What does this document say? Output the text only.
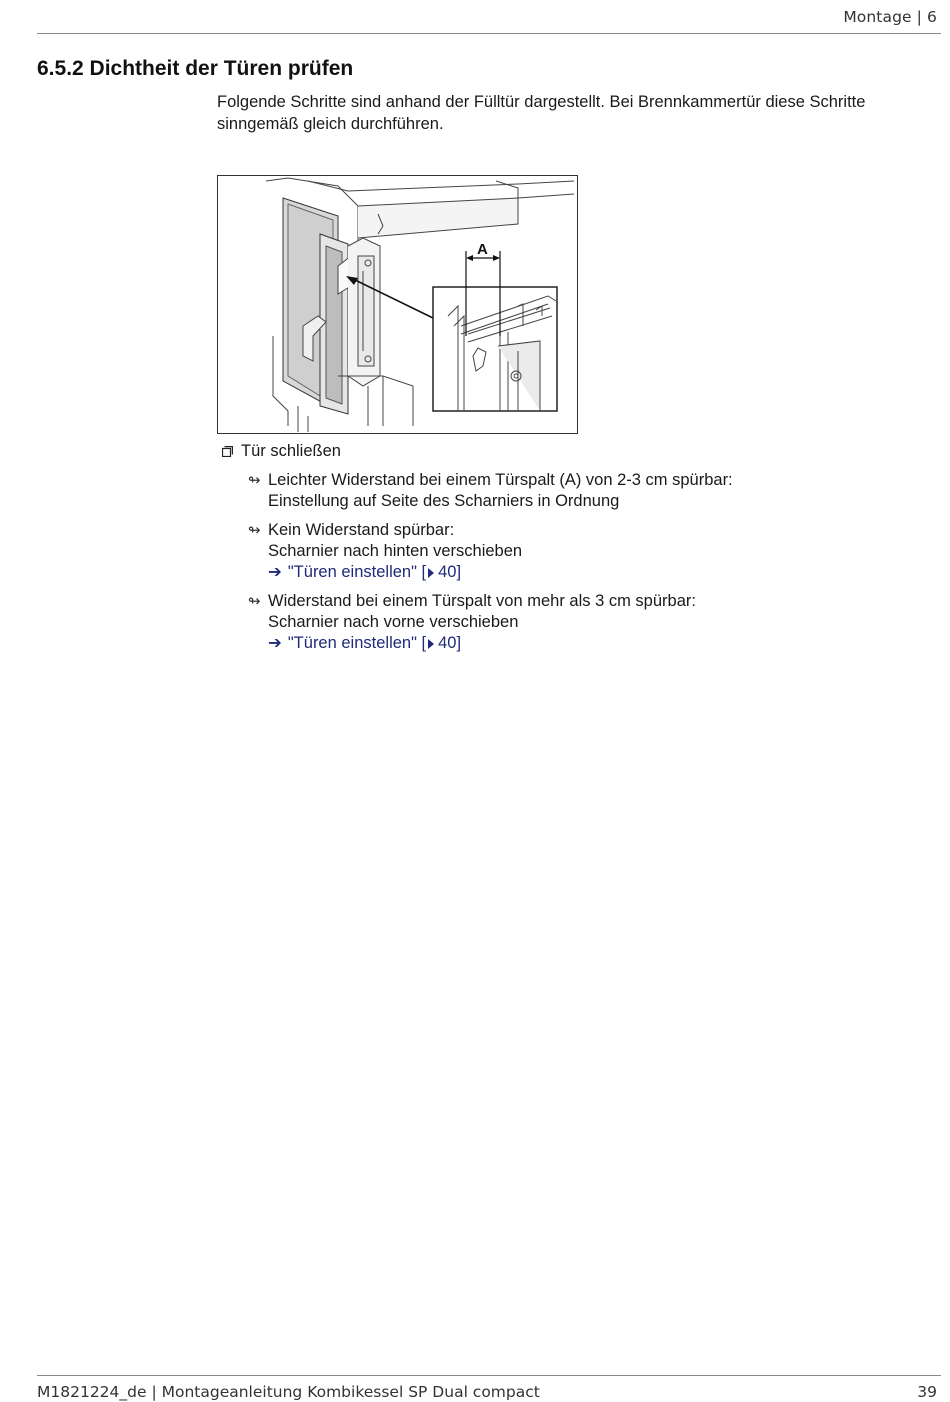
Montage | 6
6.5.2 Dichtheit der Türen prüfen

Folgende Schritte sind anhand der Fülltür dargestellt. Bei Brennkammertür diese Schritte sinngemäß gleich durchführen.

A
Tür schließen
↬ Leichter Widerstand bei einem Türspalt (A) von 2-3 cm spürbar:
Einstellung auf Seite des Scharniers in Ordnung
↬ Kein Widerstand spürbar:
Scharnier nach hinten verschieben
➔ "Türen einstellen" [ 40]
↬ Widerstand bei einem Türspalt von mehr als 3 cm spürbar:
Scharnier nach vorne verschieben
➔ "Türen einstellen" [ 40]
M1821224_de | Montageanleitung Kombikessel SP Dual compact	39
